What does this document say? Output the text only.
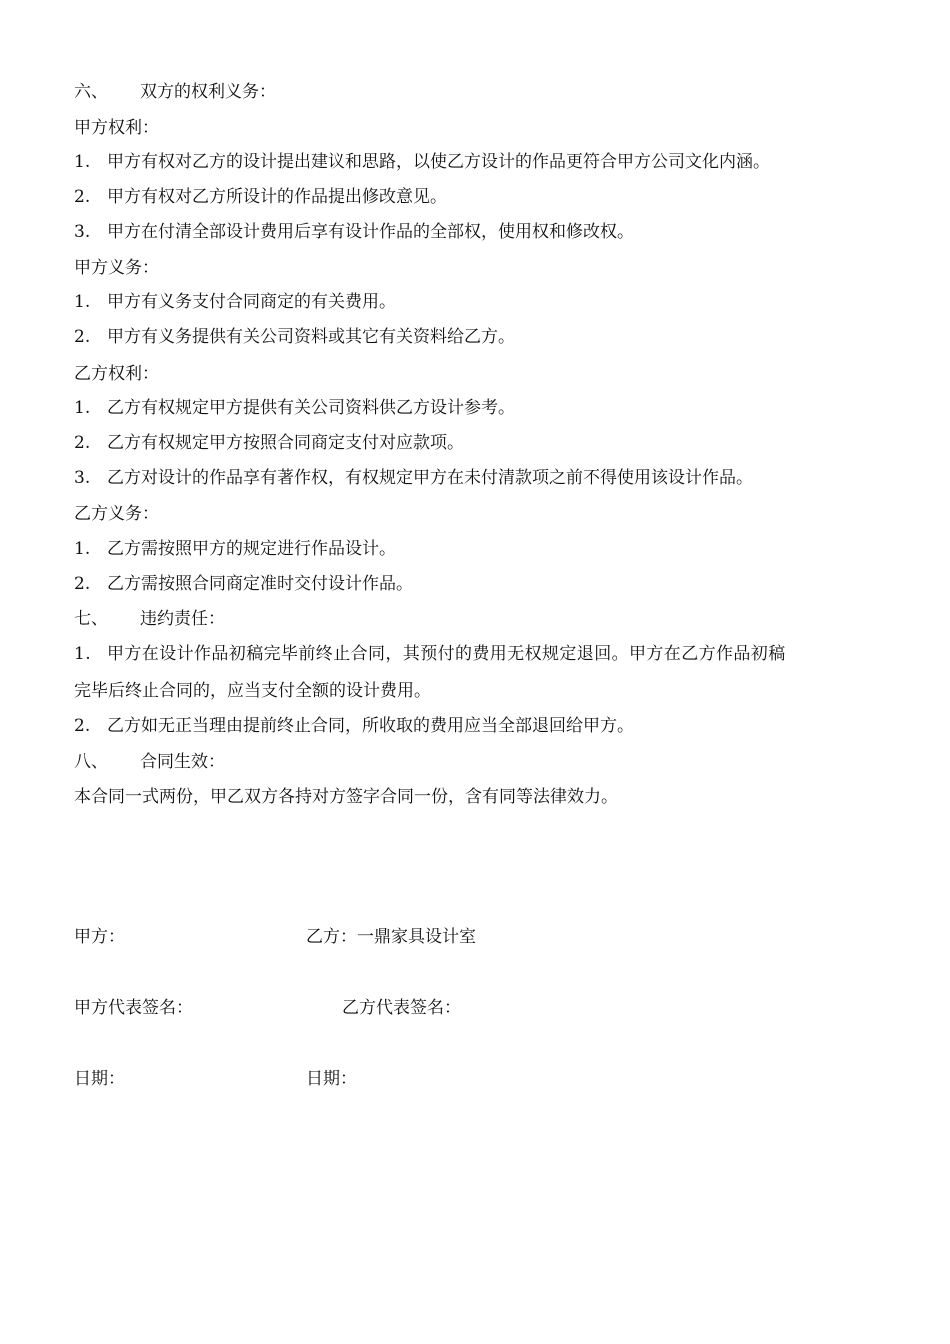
六、 双方的权利义务：
甲方权利：
1. 甲方有权对乙方的设计提出建议和思路，以使乙方设计的作品更符合甲方公司文化内涵。
2. 甲方有权对乙方所设计的作品提出修改意见。
3. 甲方在付清全部设计费用后享有设计作品的全部权，使用权和修改权。
甲方义务：
1. 甲方有义务支付合同商定的有关费用。
2. 甲方有义务提供有关公司资料或其它有关资料给乙方。
乙方权利：
1. 乙方有权规定甲方提供有关公司资料供乙方设计参考。
2. 乙方有权规定甲方按照合同商定支付对应款项。
3. 乙方对设计的作品享有著作权，有权规定甲方在未付清款项之前不得使用该设计作品。
乙方义务：
1. 乙方需按照甲方的规定进行作品设计。
2. 乙方需按照合同商定准时交付设计作品。
七、 违约责任：
1. 甲方在设计作品初稿完毕前终止合同，其预付的费用无权规定退回。甲方在乙方作品初稿
完毕后终止合同的，应当支付全额的设计费用。
2. 乙方如无正当理由提前终止合同，所收取的费用应当全部退回给甲方。
八、 合同生效：
本合同一式两份，甲乙双方各持对方签字合同一份，含有同等法律效力。
甲方：	乙方：一鼎家具设计室
甲方代表签名：	乙方代表签名：
日期：	日期：
